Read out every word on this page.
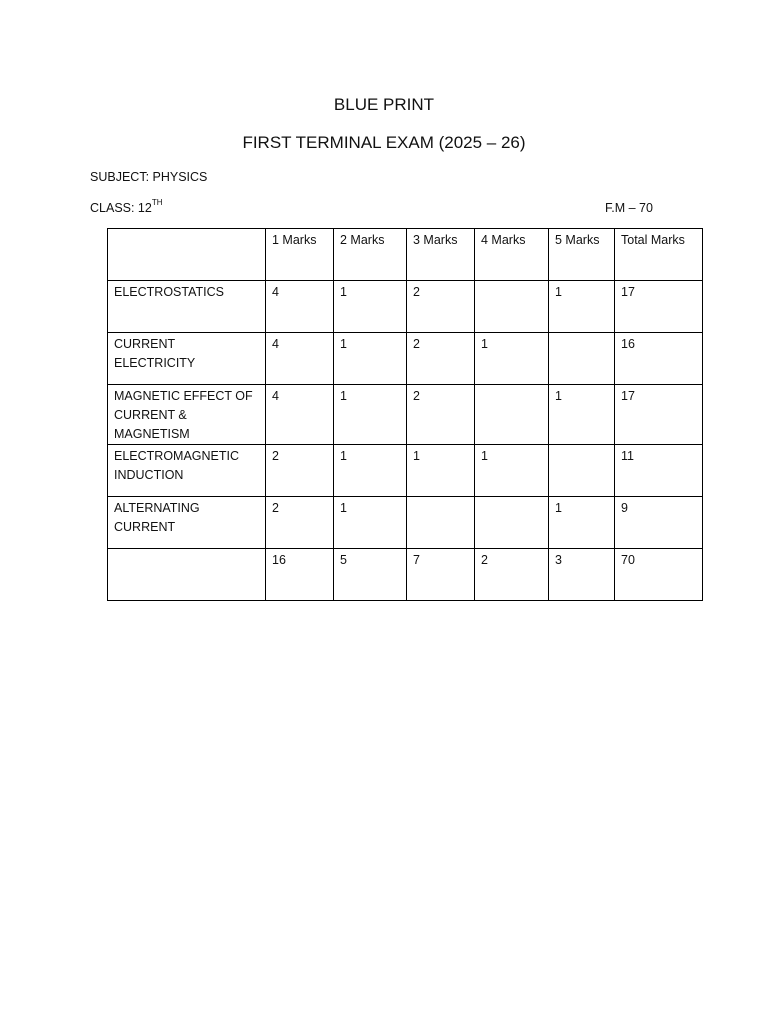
BLUE PRINT
FIRST TERMINAL EXAM (2025 – 26)
SUBJECT: PHYSICS
CLASS: 12TH	F.M – 70
	1 Marks	2 Marks	3 Marks	4 Marks	5 Marks	Total Marks
ELECTROSTATICS	4	1	2		1	17
CURRENT ELECTRICITY	4	1	2	1		16
MAGNETIC EFFECT OF CURRENT & MAGNETISM	4	1	2		1	17
ELECTROMAGNETIC INDUCTION	2	1	1	1		11
ALTERNATING CURRENT	2	1			1	9
	16	5	7	2	3	70
